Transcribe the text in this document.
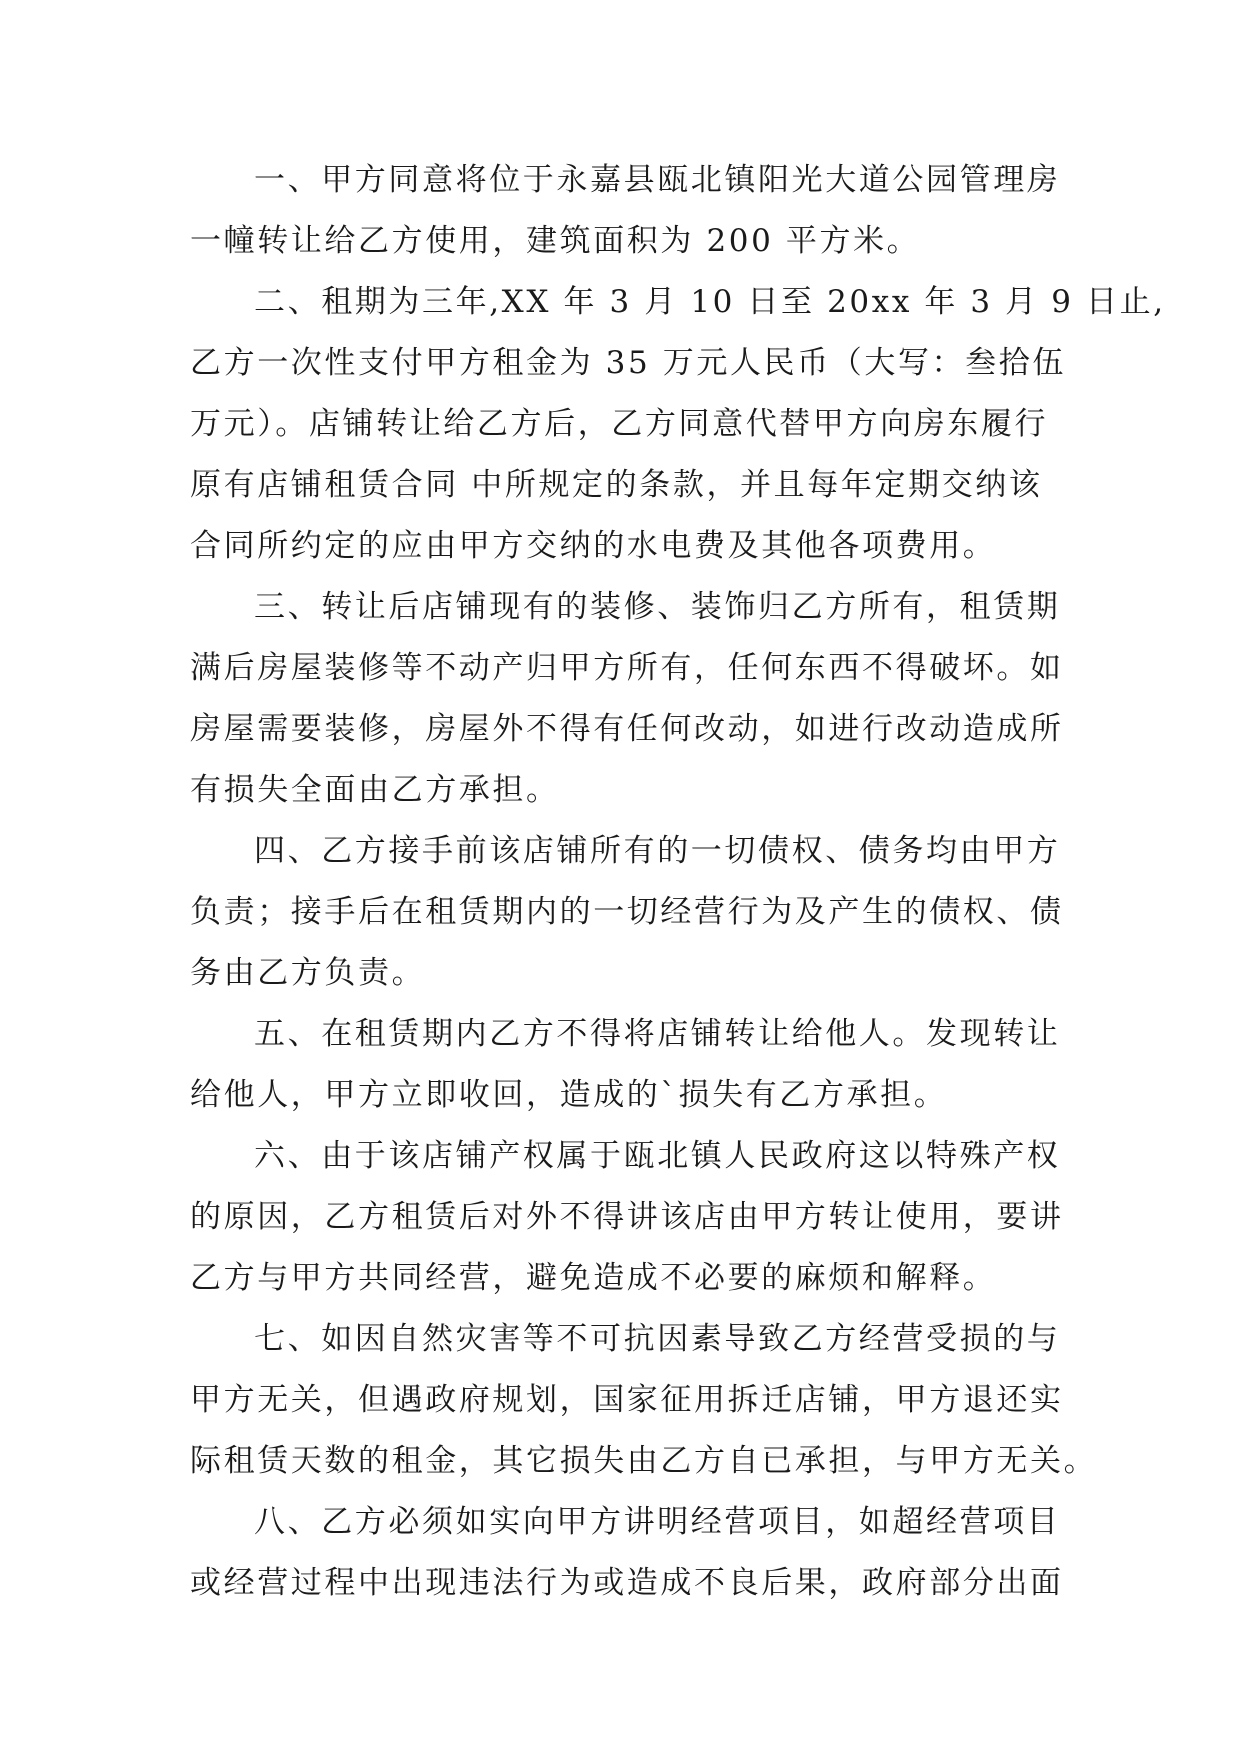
一、甲方同意将位于永嘉县瓯北镇阳光大道公园管理房
一幢转让给乙方使用，建筑面积为 200 平方米。
二、租期为三年,XX 年 3 月 10 日至 20xx 年 3 月 9 日止,
乙方一次性支付甲方租金为 35 万元人民币（大写：叁拾伍
万元）。店铺转让给乙方后，乙方同意代替甲方向房东履行
原有店铺租赁合同 中所规定的条款，并且每年定期交纳该
合同所约定的应由甲方交纳的水电费及其他各项费用。
三、转让后店铺现有的装修、装饰归乙方所有，租赁期
满后房屋装修等不动产归甲方所有，任何东西不得破坏。如
房屋需要装修，房屋外不得有任何改动，如进行改动造成所
有损失全面由乙方承担。
四、乙方接手前该店铺所有的一切债权、债务均由甲方
负责；接手后在租赁期内的一切经营行为及产生的债权、债
务由乙方负责。
五、在租赁期内乙方不得将店铺转让给他人。发现转让
给他人，甲方立即收回，造成的`损失有乙方承担。
六、由于该店铺产权属于瓯北镇人民政府这以特殊产权
的原因，乙方租赁后对外不得讲该店由甲方转让使用，要讲
乙方与甲方共同经营，避免造成不必要的麻烦和解释。
七、如因自然灾害等不可抗因素导致乙方经营受损的与
甲方无关，但遇政府规划，国家征用拆迁店铺，甲方退还实
际租赁天数的租金，其它损失由乙方自已承担，与甲方无关。
八、乙方必须如实向甲方讲明经营项目，如超经营项目
或经营过程中出现违法行为或造成不良后果，政府部分出面
